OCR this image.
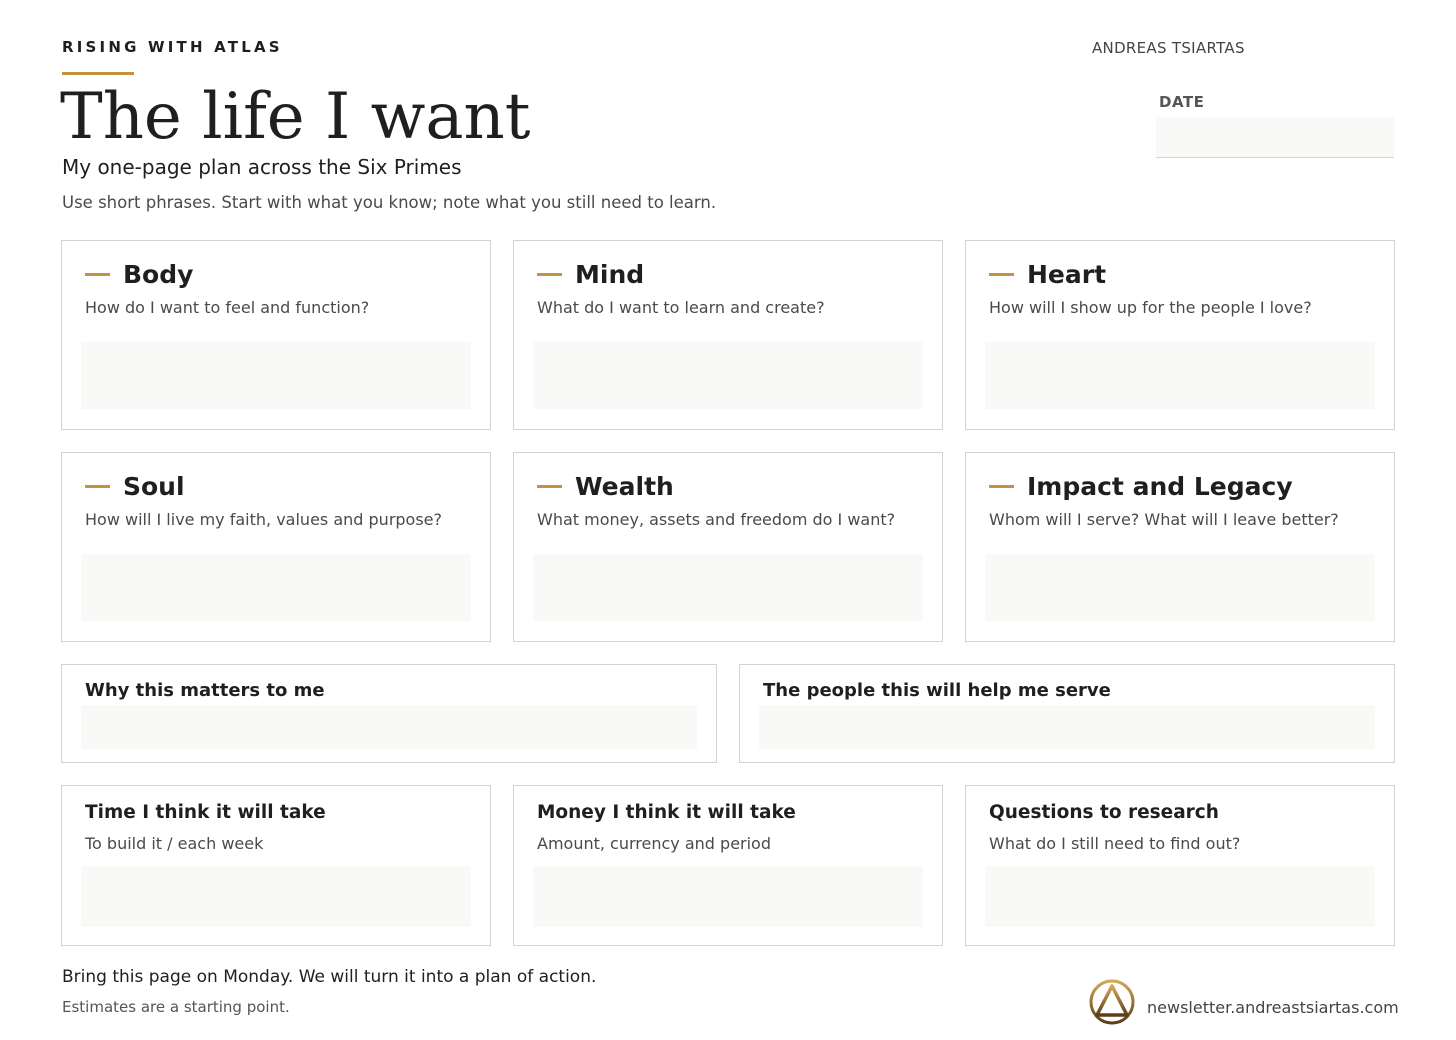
RISING WITH ATLAS	ANDREAS TSIARTAS
The life I want
My one-page plan across the Six Primes
Use short phrases. Start with what you know; note what you still need to learn.
DATE
Body
How do I want to feel and function?
Mind
What do I want to learn and create?
Heart
How will I show up for the people I love?
Soul
How will I live my faith, values and purpose?
Wealth
What money, assets and freedom do I want?
Impact and Legacy
Whom will I serve? What will I leave better?
Why this matters to me	The people this will help me serve
Time I think it will take
To build it / each week
Money I think it will take
Amount, currency and period
Questions to research
What do I still need to find out?
Bring this page on Monday. We will turn it into a plan of action.
Estimates are a starting point.	newsletter.andreastsiartas.com
